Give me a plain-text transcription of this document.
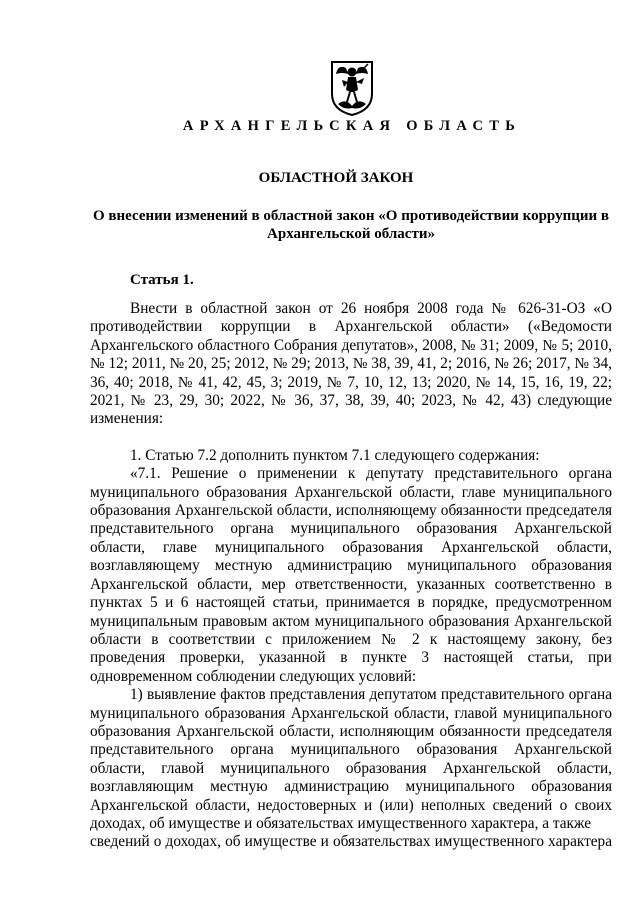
АРХАНГЕЛЬСКАЯ ОБЛАСТЬ
ОБЛАСТНОЙ ЗАКОН
О внесении изменений в областной закон «О противодействии коррупции в Архангельской области»
Статья 1.

Внести в областной закон от 26 ноября 2008 года № 626-31-ОЗ «О противодействии коррупции в Архангельской области» («Ведомости Архангельского областного Собрания депутатов», 2008, № 31; 2009, № 5; 2010, № 12; 2011, № 20, 25; 2012, № 29; 2013, № 38, 39, 41, 2; 2016, № 26; 2017, № 34, 36, 40; 2018, № 41, 42, 45, 3; 2019, № 7, 10, 12, 13; 2020, № 14, 15, 16, 19, 22; 2021, № 23, 29, 30; 2022, № 36, 37, 38, 39, 40; 2023, № 42, 43) следующие изменения:

1. Статью 7.2 дополнить пунктом 7.1 следующего содержания:

«7.1. Решение о применении к депутату представительного органа муниципального образования Архангельской области, главе муниципального образования Архангельской области, исполняющему обязанности председателя представительного органа муниципального образования Архангельской области, главе муниципального образования Архангельской области, возглавляющему местную администрацию муниципального образования Архангельской области, мер ответственности, указанных соответственно в пунктах 5 и 6 настоящей статьи, принимается в порядке, предусмотренном муниципальным правовым актом муниципального образования Архангельской области в соответствии с приложением № 2 к настоящему закону, без проведения проверки, указанной в пункте 3 настоящей статьи, при одновременном соблюдении следующих условий:

1) выявление фактов представления депутатом представительного органа муниципального образования Архангельской области, главой муниципального образования Архангельской области, исполняющим обязанности председателя представительного органа муниципального образования Архангельской области, главой муниципального образования Архангельской области, возглавляющим местную администрацию муниципального образования Архангельской области, недостоверных и (или) неполных сведений о своих доходах, об имуществе и обязательствах имущественного характера, а также

сведений о доходах, об имуществе и обязательствах имущественного характера
